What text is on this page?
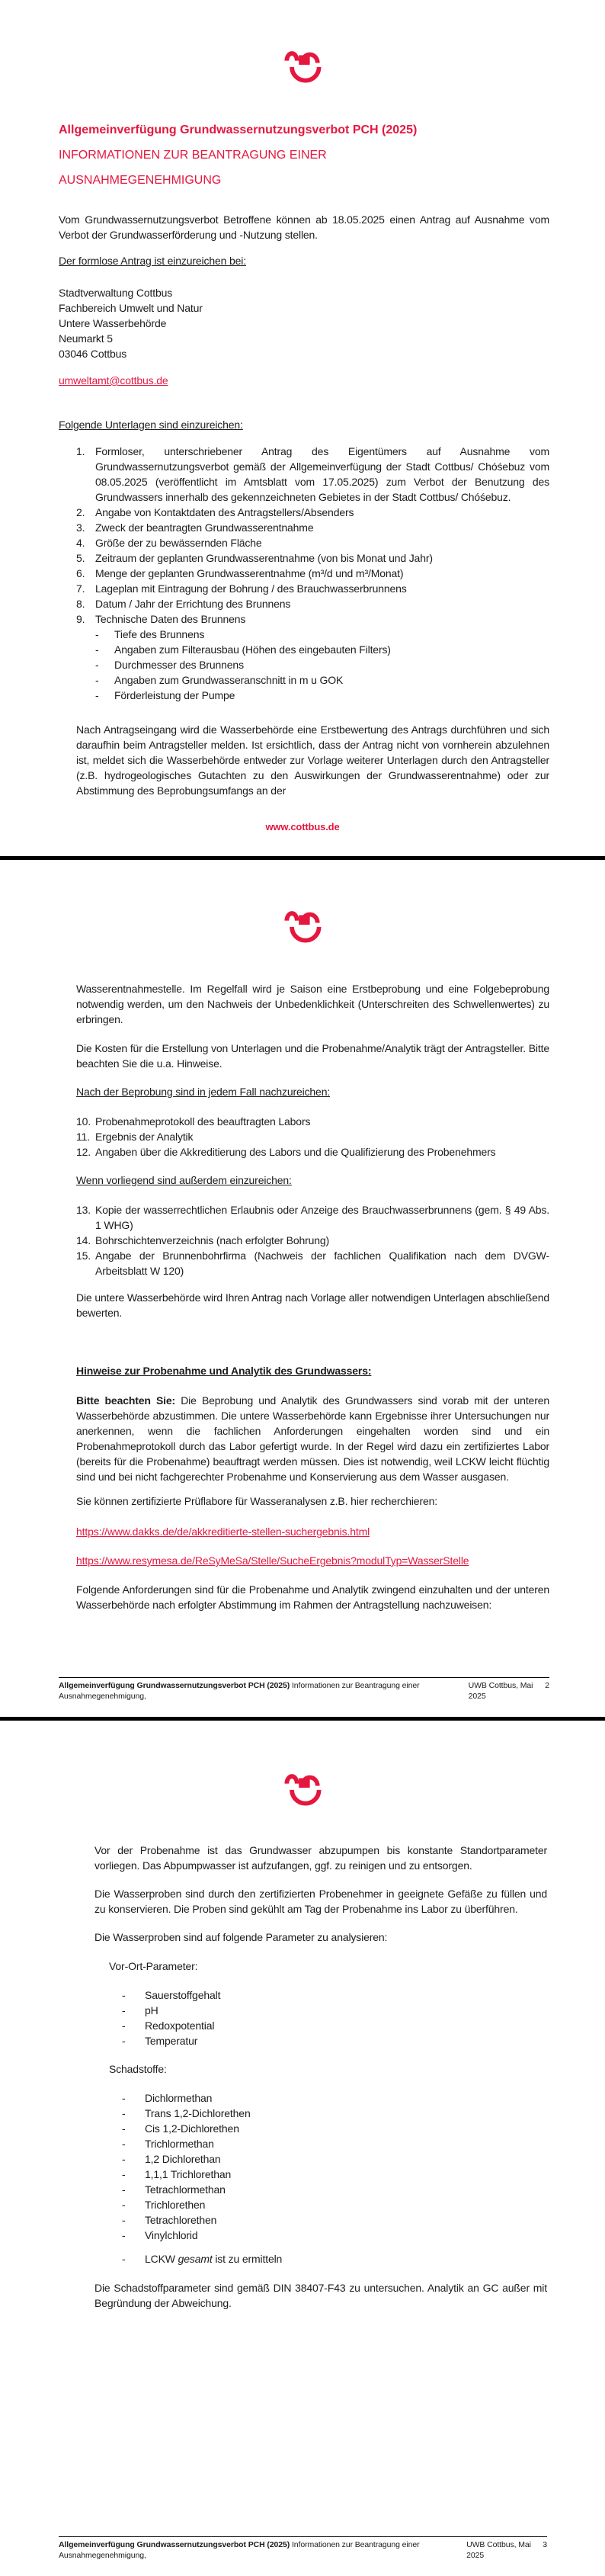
Allgemeinverfügung Grundwassernutzungsverbot PCH (2025)
INFORMATIONEN ZUR BEANTRAGUNG EINER
AUSNAHMEGENEHMIGUNG

Vom Grundwassernutzungsverbot Betroffene können ab 18.05.2025 einen Antrag auf Ausnahme vom Verbot der Grundwasserförderung und -Nutzung stellen.

Der formlose Antrag ist einzureichen bei:

Stadtverwaltung Cottbus
Fachbereich Umwelt und Natur
Untere Wasserbehörde
Neumarkt 5
03046 Cottbus

umweltamt@cottbus.de

Folgende Unterlagen sind einzureichen:

1. Formloser, unterschriebener Antrag des Eigentümers auf Ausnahme vom Grundwassernutzungsverbot gemäß der Allgemeinverfügung der Stadt Cottbus/ Chóśebuz vom 08.05.2025 (veröffentlicht im Amtsblatt vom 17.05.2025) zum Verbot der Benutzung des Grundwassers innerhalb des gekennzeichneten Gebietes in der Stadt Cottbus/ Chóśebuz.
2. Angabe von Kontaktdaten des Antragstellers/Absenders
3. Zweck der beantragten Grundwasserentnahme
4. Größe der zu bewässernden Fläche
5. Zeitraum der geplanten Grundwasserentnahme (von bis Monat und Jahr)
6. Menge der geplanten Grundwasserentnahme (m³/d und m³/Monat)
7. Lageplan mit Eintragung der Bohrung / des Brauchwasserbrunnens
8. Datum / Jahr der Errichtung des Brunnens
9. Technische Daten des Brunnens
- Tiefe des Brunnens
- Angaben zum Filterausbau (Höhen des eingebauten Filters)
- Durchmesser des Brunnens
- Angaben zum Grundwasseranschnitt in m u GOK
- Förderleistung der Pumpe

Nach Antragseingang wird die Wasserbehörde eine Erstbewertung des Antrags durchführen und sich daraufhin beim Antragsteller melden. Ist ersichtlich, dass der Antrag nicht von vornherein abzulehnen ist, meldet sich die Wasserbehörde entweder zur Vorlage weiterer Unterlagen durch den Antragsteller (z.B. hydrogeologisches Gutachten zu den Auswirkungen der Grundwasserentnahme) oder zur Abstimmung des Beprobungsumfangs an der

www.cottbus.de

Wasserentnahmestelle. Im Regelfall wird je Saison eine Erstbeprobung und eine Folgebeprobung notwendig werden, um den Nachweis der Unbedenklichkeit (Unterschreiten des Schwellenwertes) zu erbringen.

Die Kosten für die Erstellung von Unterlagen und die Probenahme/Analytik trägt der Antragsteller. Bitte beachten Sie die u.a. Hinweise.

Nach der Beprobung sind in jedem Fall nachzureichen:

10. Probenahmeprotokoll des beauftragten Labors
11. Ergebnis der Analytik
12. Angaben über die Akkreditierung des Labors und die Qualifizierung des Probenehmers

Wenn vorliegend sind außerdem einzureichen:

13. Kopie der wasserrechtlichen Erlaubnis oder Anzeige des Brauchwasserbrunnens (gem. § 49 Abs. 1 WHG)
14. Bohrschichtenverzeichnis (nach erfolgter Bohrung)
15. Angabe der Brunnenbohrfirma (Nachweis der fachlichen Qualifikation nach dem DVGW-Arbeitsblatt W 120)

Die untere Wasserbehörde wird Ihren Antrag nach Vorlage aller notwendigen Unterlagen abschließend bewerten.

Hinweise zur Probenahme und Analytik des Grundwassers:

Bitte beachten Sie: Die Beprobung und Analytik des Grundwassers sind vorab mit der unteren Wasserbehörde abzustimmen. Die untere Wasserbehörde kann Ergebnisse ihrer Untersuchungen nur anerkennen, wenn die fachlichen Anforderungen eingehalten worden sind und ein Probenahmeprotokoll durch das Labor gefertigt wurde. In der Regel wird dazu ein zertifiziertes Labor (bereits für die Probenahme) beauftragt werden müssen. Dies ist notwendig, weil LCKW leicht flüchtig sind und bei nicht fachgerechter Probenahme und Konservierung aus dem Wasser ausgasen.

Sie können zertifizierte Prüflabore für Wasseranalysen z.B. hier recherchieren:

https://www.dakks.de/de/akkreditierte-stellen-suchergebnis.html

https://www.resymesa.de/ReSyMeSa/Stelle/SucheErgebnis?modulTyp=WasserStelle

Folgende Anforderungen sind für die Probenahme und Analytik zwingend einzuhalten und der unteren Wasserbehörde nach erfolgter Abstimmung im Rahmen der Antragstellung nachzuweisen:

Allgemeinverfügung Grundwassernutzungsverbot PCH (2025) Informationen zur Beantragung einer Ausnahmegenehmigung,
UWB Cottbus, Mai 2025
2

Vor der Probenahme ist das Grundwasser abzupumpen bis konstante Standortparameter vorliegen. Das Abpumpwasser ist aufzufangen, ggf. zu reinigen und zu entsorgen.

Die Wasserproben sind durch den zertifizierten Probenehmer in geeignete Gefäße zu füllen und zu konservieren. Die Proben sind gekühlt am Tag der Probenahme ins Labor zu überführen.

Die Wasserproben sind auf folgende Parameter zu analysieren:

Vor-Ort-Parameter:

- Sauerstoffgehalt
- pH
- Redoxpotential
- Temperatur

Schadstoffe:

- Dichlormethan
- Trans 1,2-Dichlorethen
- Cis 1,2-Dichlorethen
- Trichlormethan
- 1,2 Dichlorethan
- 1,1,1 Trichlorethan
- Tetrachlormethan
- Trichlorethen
- Tetrachlorethen
- Vinylchlorid
- LCKW gesamt ist zu ermitteln

Die Schadstoffparameter sind gemäß DIN 38407-F43 zu untersuchen. Analytik an GC außer mit Begründung der Abweichung.

Allgemeinverfügung Grundwassernutzungsverbot PCH (2025) Informationen zur Beantragung einer Ausnahmegenehmigung,
UWB Cottbus, Mai 2025
3
